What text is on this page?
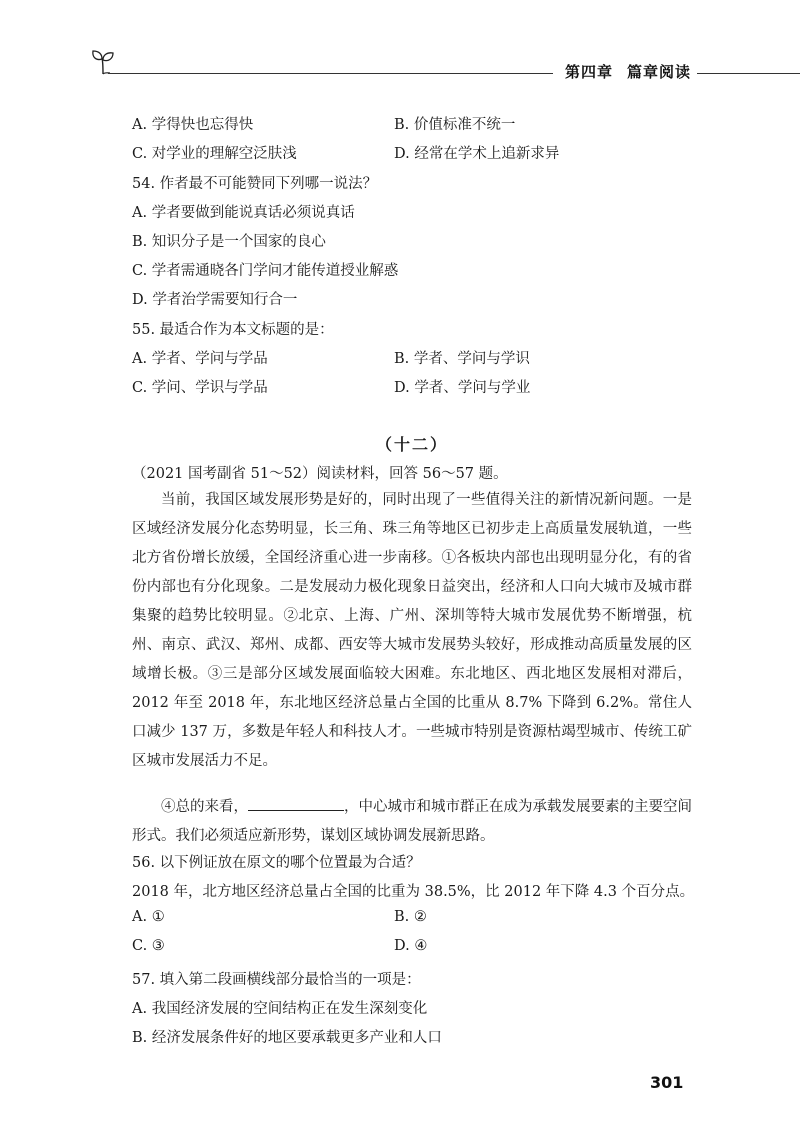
第四章 篇章阅读
A. 学得快也忘得快	B. 价值标准不统一
C. 对学业的理解空泛肤浅	D. 经常在学术上追新求异
54. 作者最不可能赞同下列哪一说法？
A. 学者要做到能说真话必须说真话
B. 知识分子是一个国家的良心
C. 学者需通晓各门学问才能传道授业解惑
D. 学者治学需要知行合一
55. 最适合作为本文标题的是：
A. 学者、学问与学品	B. 学者、学问与学识
C. 学问、学识与学品	D. 学者、学问与学业
（十二）
（2021 国考副省 51～52）阅读材料，回答 56～57 题。
当前，我国区域发展形势是好的，同时出现了一些值得关注的新情况新问题。一是区域经济发展分化态势明显，长三角、珠三角等地区已初步走上高质量发展轨道，一些北方省份增长放缓，全国经济重心进一步南移。①各板块内部也出现明显分化，有的省份内部也有分化现象。二是发展动力极化现象日益突出，经济和人口向大城市及城市群集聚的趋势比较明显。②北京、上海、广州、深圳等特大城市发展优势不断增强，杭州、南京、武汉、郑州、成都、西安等大城市发展势头较好，形成推动高质量发展的区域增长极。③三是部分区域发展面临较大困难。东北地区、西北地区发展相对滞后，2012 年至 2018 年，东北地区经济总量占全国的比重从 8.7% 下降到 6.2%。常住人口减少 137 万，多数是年轻人和科技人才。一些城市特别是资源枯竭型城市、传统工矿区城市发展活力不足。
④总的来看，	，中心城市和城市群正在成为承载发展要素的主要空间形式。我们必须适应新形势，谋划区域协调发展新思路。
56. 以下例证放在原文的哪个位置最为合适？
2018 年，北方地区经济总量占全国的比重为 38.5%，比 2012 年下降 4.3 个百分点。
A. ①	B. ②
C. ③	D. ④
57. 填入第二段画横线部分最恰当的一项是：
A. 我国经济发展的空间结构正在发生深刻变化
B. 经济发展条件好的地区要承载更多产业和人口
301
